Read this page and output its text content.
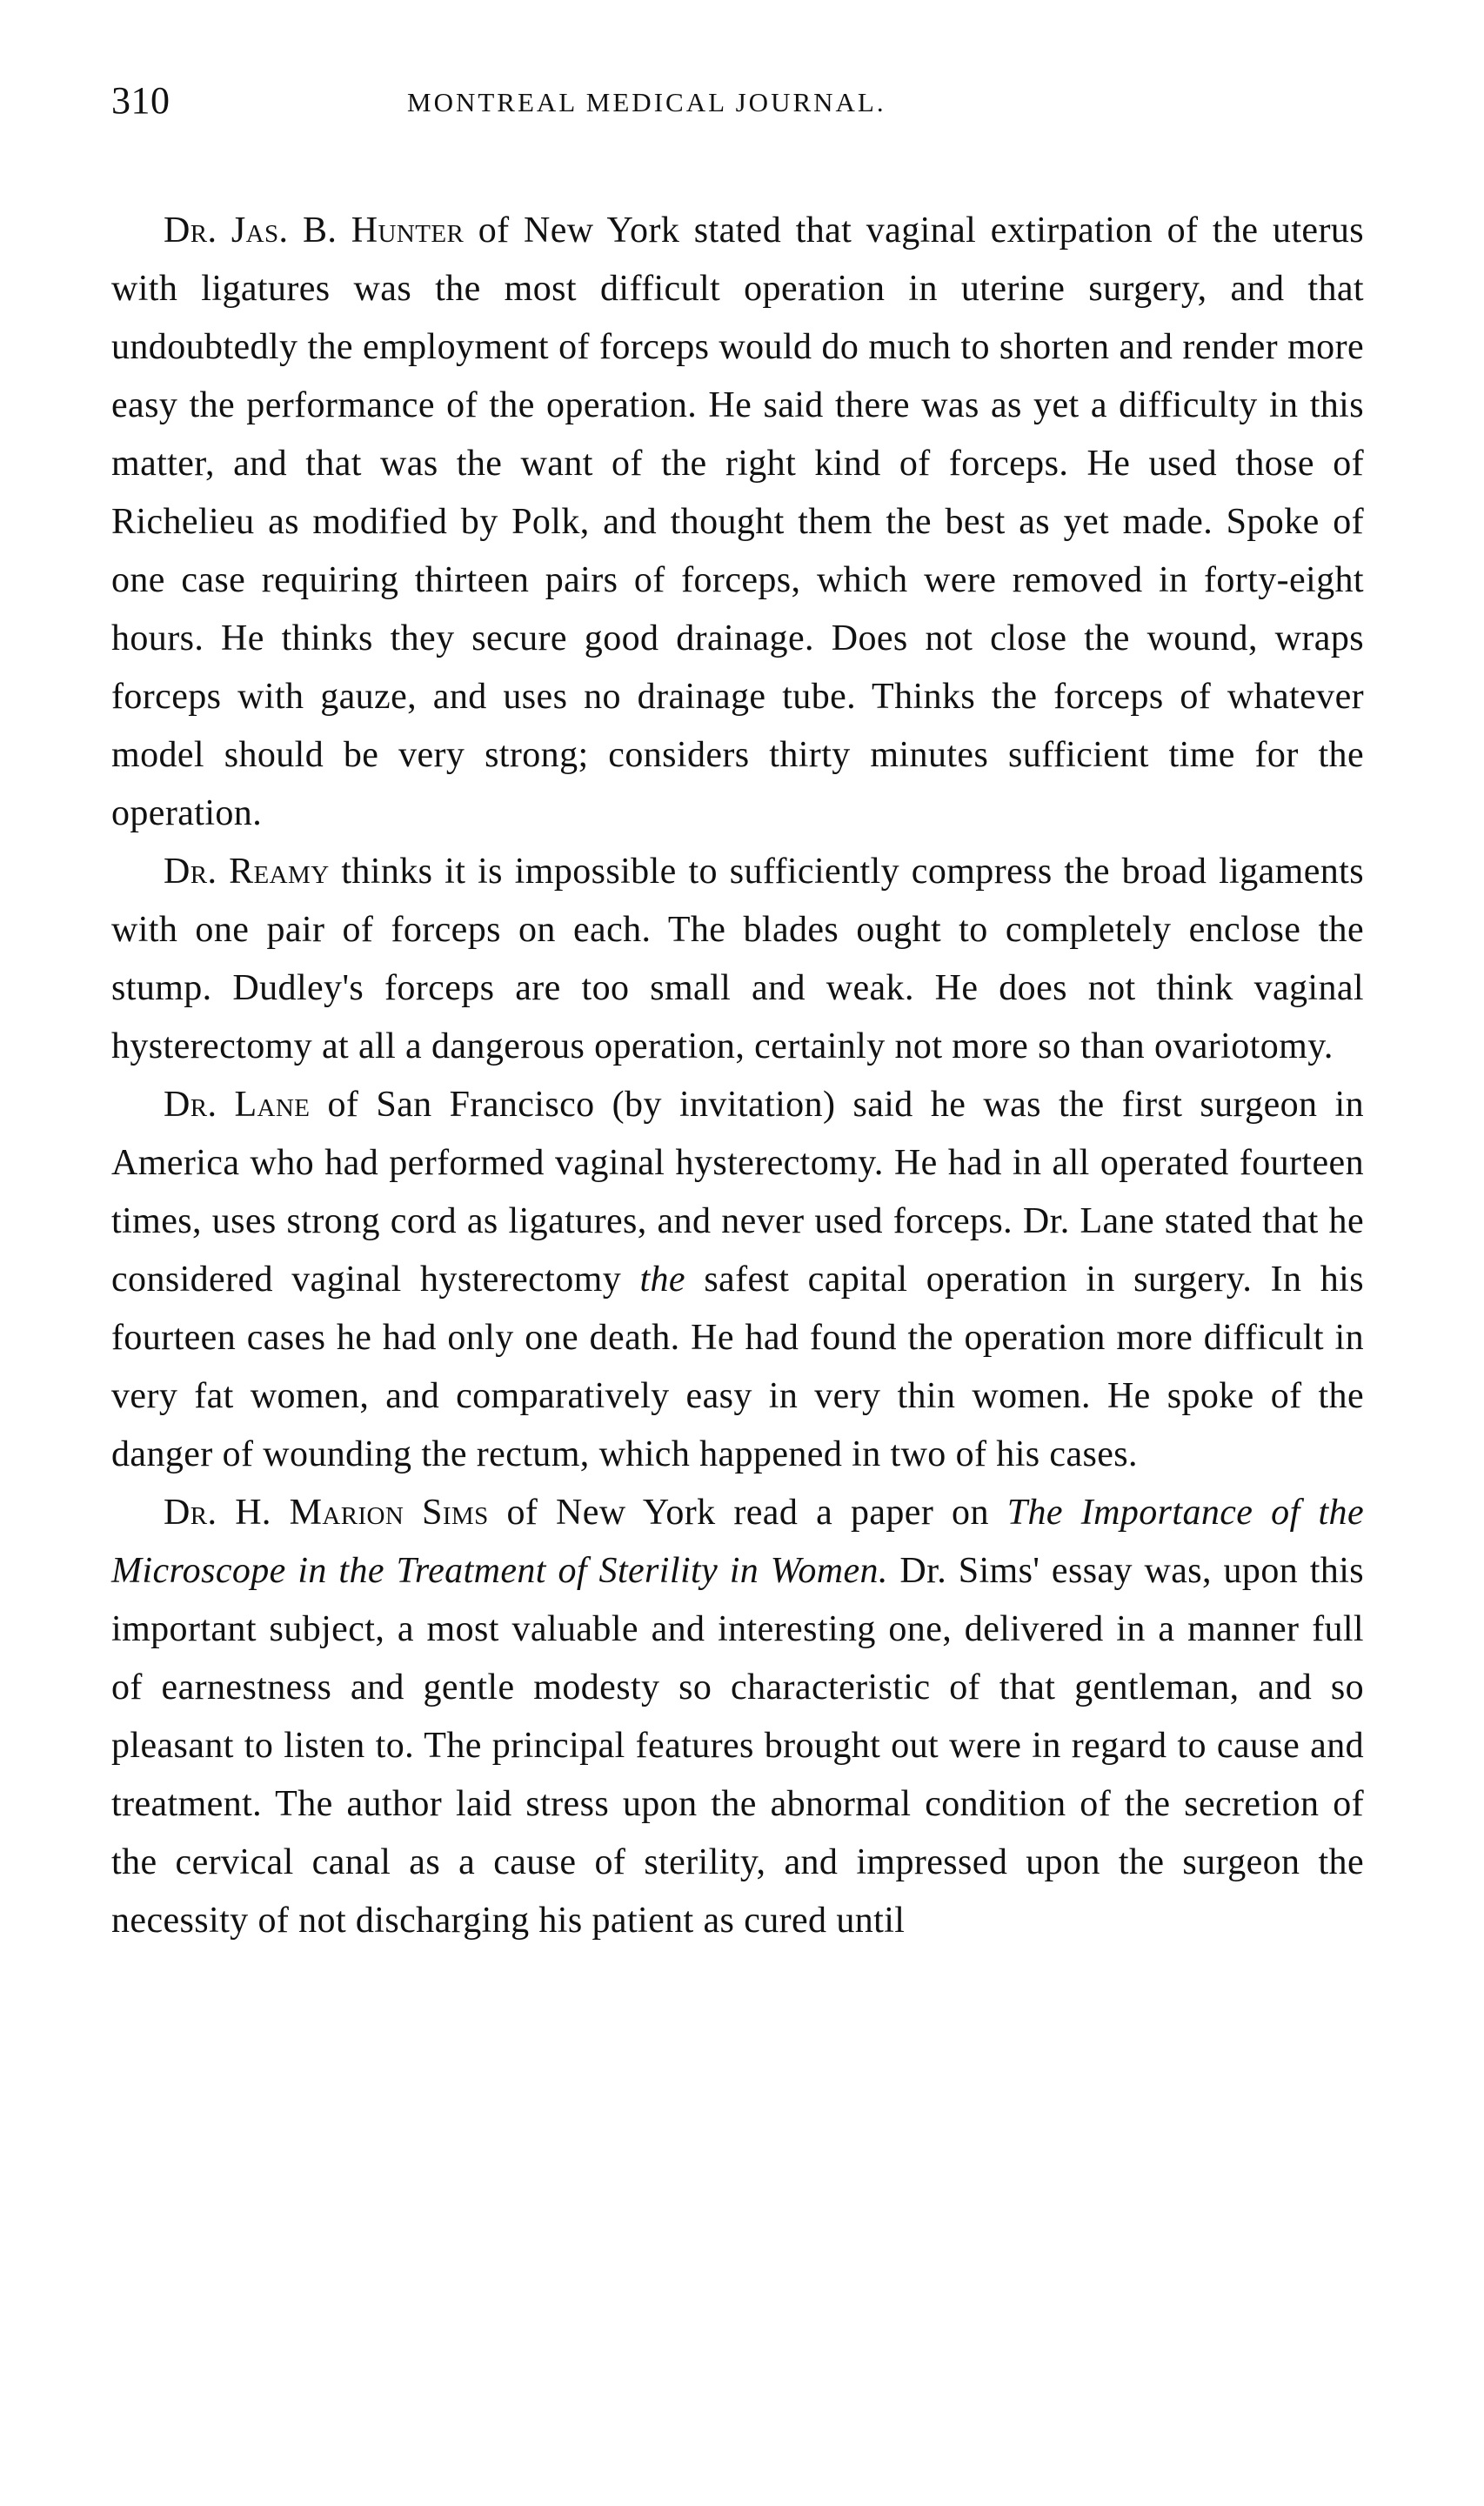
310	MONTREAL MEDICAL JOURNAL.

Dr. Jas. B. Hunter of New York stated that vaginal extirpation of the uterus with ligatures was the most difficult operation in uterine surgery, and that undoubtedly the employment of forceps would do much to shorten and render more easy the performance of the operation. He said there was as yet a difficulty in this matter, and that was the want of the right kind of forceps. He used those of Richelieu as modified by Polk, and thought them the best as yet made. Spoke of one case requiring thirteen pairs of forceps, which were removed in forty-eight hours. He thinks they secure good drainage. Does not close the wound, wraps forceps with gauze, and uses no drainage tube. Thinks the forceps of whatever model should be very strong; considers thirty minutes sufficient time for the operation.

Dr. Reamy thinks it is impossible to sufficiently compress the broad ligaments with one pair of forceps on each. The blades ought to completely enclose the stump. Dudley's forceps are too small and weak. He does not think vaginal hysterectomy at all a dangerous operation, certainly not more so than ovariotomy.

Dr. Lane of San Francisco (by invitation) said he was the first surgeon in America who had performed vaginal hysterectomy. He had in all operated fourteen times, uses strong cord as ligatures, and never used forceps. Dr. Lane stated that he considered vaginal hysterectomy the safest capital operation in surgery. In his fourteen cases he had only one death. He had found the operation more difficult in very fat women, and comparatively easy in very thin women. He spoke of the danger of wounding the rectum, which happened in two of his cases.

Dr. H. Marion Sims of New York read a paper on The Importance of the Microscope in the Treatment of Sterility in Women. Dr. Sims' essay was, upon this important subject, a most valuable and interesting one, delivered in a manner full of earnestness and gentle modesty so characteristic of that gentleman, and so pleasant to listen to. The principal features brought out were in regard to cause and treatment. The author laid stress upon the abnormal condition of the secretion of the cervical canal as a cause of sterility, and impressed upon the surgeon the necessity of not discharging his patient as cured until
